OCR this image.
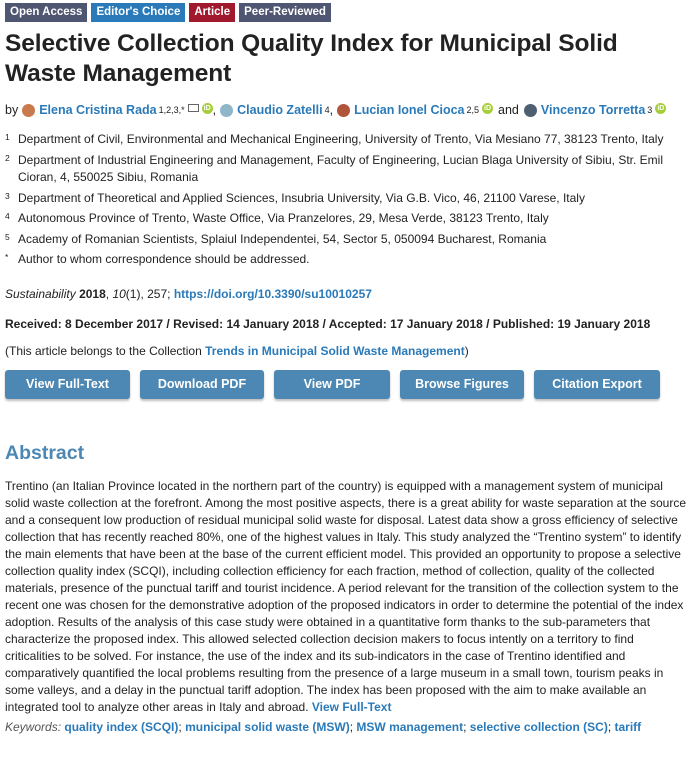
Open Access	Editor's Choice	Article	Peer-Reviewed
Selective Collection Quality Index for Municipal Solid Waste Management
by Elena Cristina Rada 1,2,3,*	iD , Claudio Zatelli 4 , Lucian Ionel Cioca 2,5 iD and Vincenzo Torretta 3 iD
1 Department of Civil, Environmental and Mechanical Engineering, University of Trento, Via Mesiano 77, 38123 Trento, Italy
2 Department of Industrial Engineering and Management, Faculty of Engineering, Lucian Blaga University of Sibiu, Str. Emil Cioran, 4, 550025 Sibiu, Romania
3 Department of Theoretical and Applied Sciences, Insubria University, Via G.B. Vico, 46, 21100 Varese, Italy
4 Autonomous Province of Trento, Waste Office, Via Pranzelores, 29, Mesa Verde, 38123 Trento, Italy
5 Academy of Romanian Scientists, Splaiul Independentei, 54, Sector 5, 050094 Bucharest, Romania
* Author to whom correspondence should be addressed.
Sustainability 2018, 10(1), 257; https://doi.org/10.3390/su10010257
Received: 8 December 2017 / Revised: 14 January 2018 / Accepted: 17 January 2018 / Published: 19 January 2018
(This article belongs to the Collection Trends in Municipal Solid Waste Management)
View Full-Text	Download PDF	View PDF	Browse Figures	Citation Export
Abstract
Trentino (an Italian Province located in the northern part of the country) is equipped with a management system of municipal solid waste collection at the forefront. Among the most positive aspects, there is a great ability for waste separation at the source and a consequent low production of residual municipal solid waste for disposal. Latest data show a gross efficiency of selective collection that has recently reached 80%, one of the highest values in Italy. This study analyzed the “Trentino system” to identify the main elements that have been at the base of the current efficient model. This provided an opportunity to propose a selective collection quality index (SCQI), including collection efficiency for each fraction, method of collection, quality of the collected materials, presence of the punctual tariff and tourist incidence. A period relevant for the transition of the collection system to the recent one was chosen for the demonstrative adoption of the proposed indicators in order to determine the potential of the index adoption. Results of the analysis of this case study were obtained in a quantitative form thanks to the sub-parameters that characterize the proposed index. This allowed selected collection decision makers to focus intently on a territory to find criticalities to be solved. For instance, the use of the index and its sub-indicators in the case of Trentino identified and comparatively quantified the local problems resulting from the presence of a large museum in a small town, tourism peaks in some valleys, and a delay in the punctual tariff adoption. The index has been proposed with the aim to make available an integrated tool to analyze other areas in Italy and abroad. View Full-Text
Keywords: quality index (SCQI); municipal solid waste (MSW); MSW management; selective collection (SC); tariff
